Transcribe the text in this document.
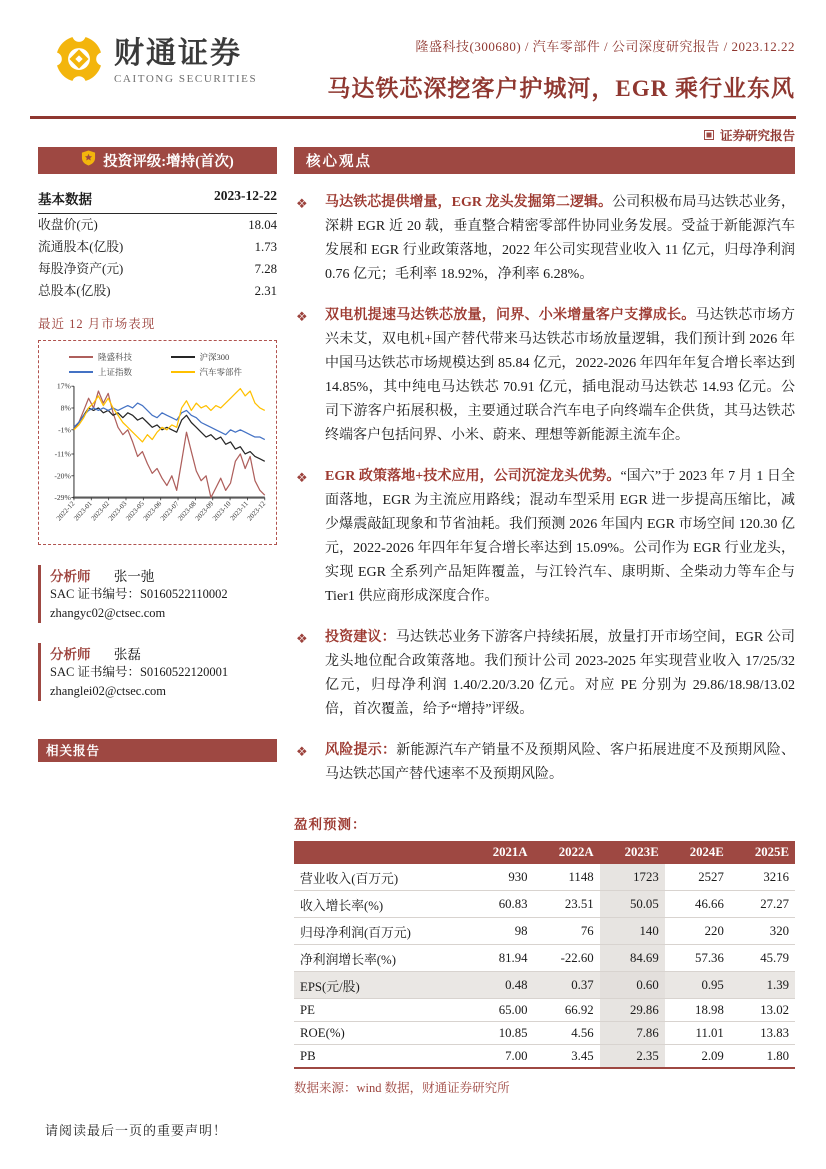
财通证券
CAITONG SECURITIES
隆盛科技(300680) / 汽车零部件 / 公司深度研究报告 / 2023.12.22
马达铁芯深挖客户护城河，EGR 乘行业东风
证券研究报告
投资评级:增持(首次)
基本数据	2023-12-22
收盘价(元)	18.04
流通股本(亿股)	1.73
每股净资产(元)	7.28
总股本(亿股)	2.31
最近 12 月市场表现
隆盛科技	沪深300
上证指数	汽车零部件
17%
8%
-1%
-11%
-20%
-29%
2022-12
2023-01
2023-02
2023-03
2023-05
2023-06
2023-07
2023-08
2023-09
2023-10
2023-11
2023-12
分析师 张一弛
SAC 证书编号：S0160522110002
zhangyc02@ctsec.com
分析师 张磊
SAC 证书编号：S0160522120001
zhanglei02@ctsec.com
相关报告
核心观点
❖ 马达铁芯提供增量，EGR 龙头发掘第二逻辑。公司积极布局马达铁芯业务，深耕 EGR 近 20 载，垂直整合精密零部件协同业务发展。受益于新能源汽车发展和 EGR 行业政策落地，2022 年公司实现营业收入 11 亿元，归母净利润 0.76 亿元；毛利率 18.92%，净利率 6.28%。
❖ 双电机提速马达铁芯放量，问界、小米增量客户支撑成长。马达铁芯市场方兴未艾，双电机+国产替代带来马达铁芯市场放量逻辑，我们预计到 2026 年中国马达铁芯市场规模达到 85.84 亿元，2022-2026 年四年年复合增长率达到 14.85%，其中纯电马达铁芯 70.91 亿元，插电混动马达铁芯 14.93 亿元。公司下游客户拓展积极，主要通过联合汽车电子向终端车企供货，其马达铁芯终端客户包括问界、小米、蔚来、理想等新能源主流车企。
❖ EGR 政策落地+技术应用，公司沉淀龙头优势。“国六”于 2023 年 7 月 1 日全面落地，EGR 为主流应用路线；混动车型采用 EGR 进一步提高压缩比，减少爆震敲缸现象和节省油耗。我们预测 2026 年国内 EGR 市场空间 120.30 亿元，2022-2026 年四年年复合增长率达到 15.09%。公司作为 EGR 行业龙头，实现 EGR 全系列产品矩阵覆盖，与江铃汽车、康明斯、全柴动力等车企与 Tier1 供应商形成深度合作。
❖ 投资建议：马达铁芯业务下游客户持续拓展，放量打开市场空间，EGR 公司龙头地位配合政策落地。我们预计公司 2023-2025 年实现营业收入 17/25/32 亿元，归母净利润 1.40/2.20/3.20 亿元。对应 PE 分别为 29.86/18.98/13.02 倍，首次覆盖，给予“增持”评级。
❖ 风险提示：新能源汽车产销量不及预期风险、客户拓展进度不及预期风险、马达铁芯国产替代速率不及预期风险。
盈利预测：
	2021A	2022A	2023E	2024E	2025E
营业收入(百万元)	930	1148	1723	2527	3216
收入增长率(%)	60.83	23.51	50.05	46.66	27.27
归母净利润(百万元)	98	76	140	220	320
净利润增长率(%)	81.94	-22.60	84.69	57.36	45.79
EPS(元/股)	0.48	0.37	0.60	0.95	1.39
PE	65.00	66.92	29.86	18.98	13.02
ROE(%)	10.85	4.56	7.86	11.01	13.83
PB	7.00	3.45	2.35	2.09	1.80
数据来源：wind 数据，财通证券研究所
请阅读最后一页的重要声明！
